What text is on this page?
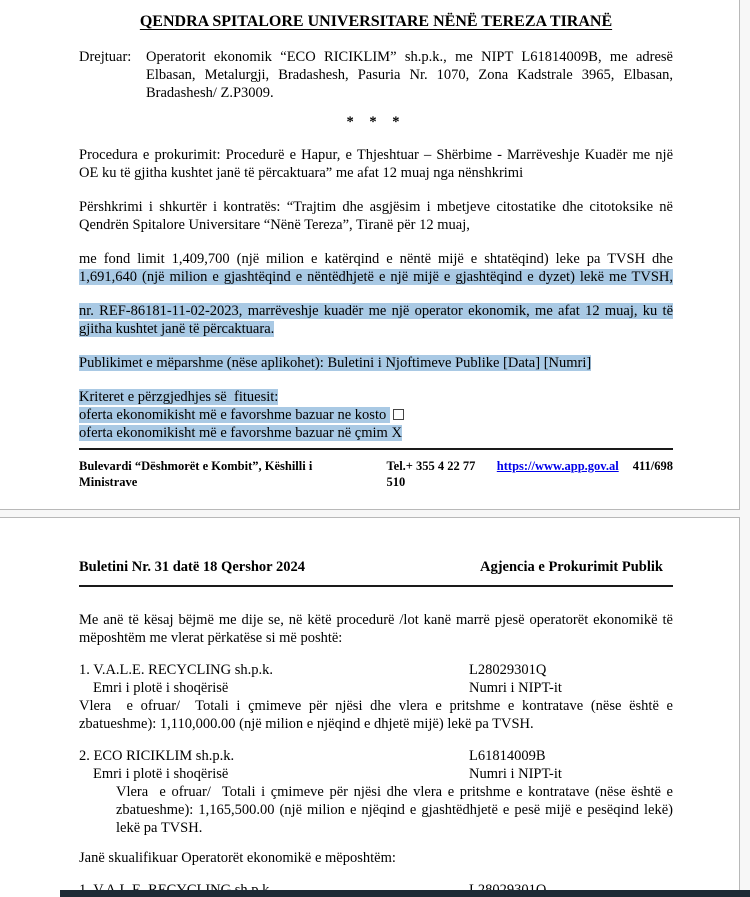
QENDRA SPITALORE UNIVERSITARE NËNË TEREZA TIRANË
Drejtuar: Operatorit ekonomik “ECO RICIKLIM” sh.p.k., me NIPT L61814009B, me adresë
Elbasan, Metalurgji, Bradashesh, Pasuria Nr. 1070, Zona Kadstrale 3965, Elbasan,
Bradashesh/ Z.P3009.
* * *
Procedura e prokurimit: Procedurë e Hapur, e Thjeshtuar – Shërbime - Marrëveshje Kuadër me një
OE ku të gjitha kushtet janë të përcaktuara” me afat 12 muaj nga nënshkrimi
Përshkrimi i shkurtër i kontratës: “Trajtim dhe asgjësim i mbetjeve citostatike dhe citotoksike në
Qendrën Spitalore Universitare “Nënë Tereza”, Tiranë për 12 muaj,
me fond limit 1,409,700 (një milion e katërqind e nëntë mijë e shtatëqind) leke pa TVSH dhe
1,691,640 (një milion e gjashtëqind e nëntëdhjetë e një mijë e gjashtëqind e dyzet) lekë me TVSH,
nr. REF-86181-11-02-2023, marrëveshje kuadër me një operator ekonomik, me afat 12 muaj, ku të
gjitha kushtet janë të përcaktuara.
Publikimet e mëparshme (nëse aplikohet): Buletini i Njoftimeve Publike [Data] [Numri]
Kriteret e përzgjedhjes së  fituesit:
oferta ekonomikisht më e favorshme bazuar ne kosto
oferta ekonomikisht më e favorshme bazuar në çmim X
Bulevardi “Dëshmorët e Kombit”, Këshilli i Ministrave
Tel.+ 355 4 22 77 510
https://www.app.gov.al 411/698
Buletini Nr. 31 datë 18 Qershor 2024	Agjencia e Prokurimit Publik
Me anë të kësaj bëjmë me dije se, në këtë procedurë /lot kanë marrë pjesë operatorët ekonomikë të
mëposhtëm me vlerat përkatëse si më poshtë:
1. V.A.L.E. RECYCLING sh.p.k.	L28029301Q
Emri i plotë i shoqërisë	Numri i NIPT-it
Vlera  e ofruar/  Totali i çmimeve për njësi dhe vlera e pritshme e kontratave (nëse është e
zbatueshme): 1,110,000.00 (një milion e njëqind e dhjetë mijë) lekë pa TVSH.
2. ECO RICIKLIM sh.p.k.	L61814009B
Emri i plotë i shoqërisë	Numri i NIPT-it
Vlera  e ofruar/  Totali i çmimeve për njësi dhe vlera e pritshme e kontratave (nëse është e
zbatueshme): 1,165,500.00 (një milion e njëqind e gjashtëdhjetë e pesë mijë e pesëqind lekë)
lekë pa TVSH.
Janë skualifikuar Operatorët ekonomikë e mëposhtëm:
